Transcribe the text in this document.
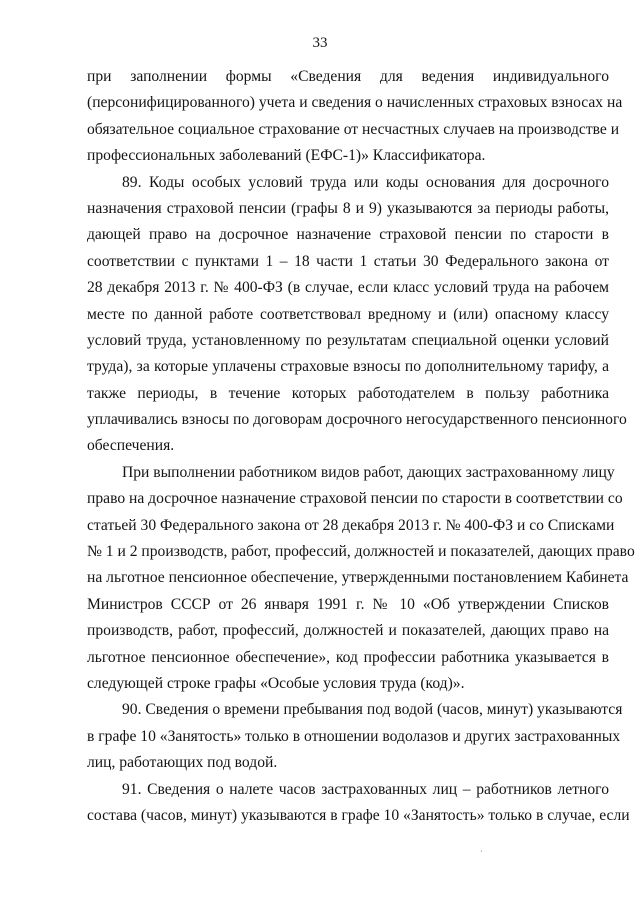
33
при заполнении формы «Сведения для ведения индивидуального
(персонифицированного) учета и сведения о начисленных страховых взносах на
обязательное социальное страхование от несчастных случаев на производстве и
профессиональных заболеваний (ЕФС-1)» Классификатора.
89. Коды особых условий труда или коды основания для досрочного
назначения страховой пенсии (графы 8 и 9) указываются за периоды работы,
дающей право на досрочное назначение страховой пенсии по старости в
соответствии с пунктами 1 – 18 части 1 статьи 30 Федерального закона от
28 декабря 2013 г. № 400-ФЗ (в случае, если класс условий труда на рабочем
месте по данной работе соответствовал вредному и (или) опасному классу
условий труда, установленному по результатам специальной оценки условий
труда), за которые уплачены страховые взносы по дополнительному тарифу, а
также периоды, в течение которых работодателем в пользу работника
уплачивались взносы по договорам досрочного негосударственного пенсионного
обеспечения.
При выполнении работником видов работ, дающих застрахованному лицу
право на досрочное назначение страховой пенсии по старости в соответствии со
статьей 30 Федерального закона от 28 декабря 2013 г. № 400-ФЗ и со Списками
№ 1 и 2 производств, работ, профессий, должностей и показателей, дающих право
на льготное пенсионное обеспечение, утвержденными постановлением Кабинета
Министров СССР от 26 января 1991 г. № 10 «Об утверждении Списков
производств, работ, профессий, должностей и показателей, дающих право на
льготное пенсионное обеспечение», код профессии работника указывается в
следующей строке графы «Особые условия труда (код)».
90. Сведения о времени пребывания под водой (часов, минут) указываются
в графе 10 «Занятость» только в отношении водолазов и других застрахованных
лиц, работающих под водой.
91. Сведения о налете часов застрахованных лиц – работников летного
состава (часов, минут) указываются в графе 10 «Занятость» только в случае, если
·
